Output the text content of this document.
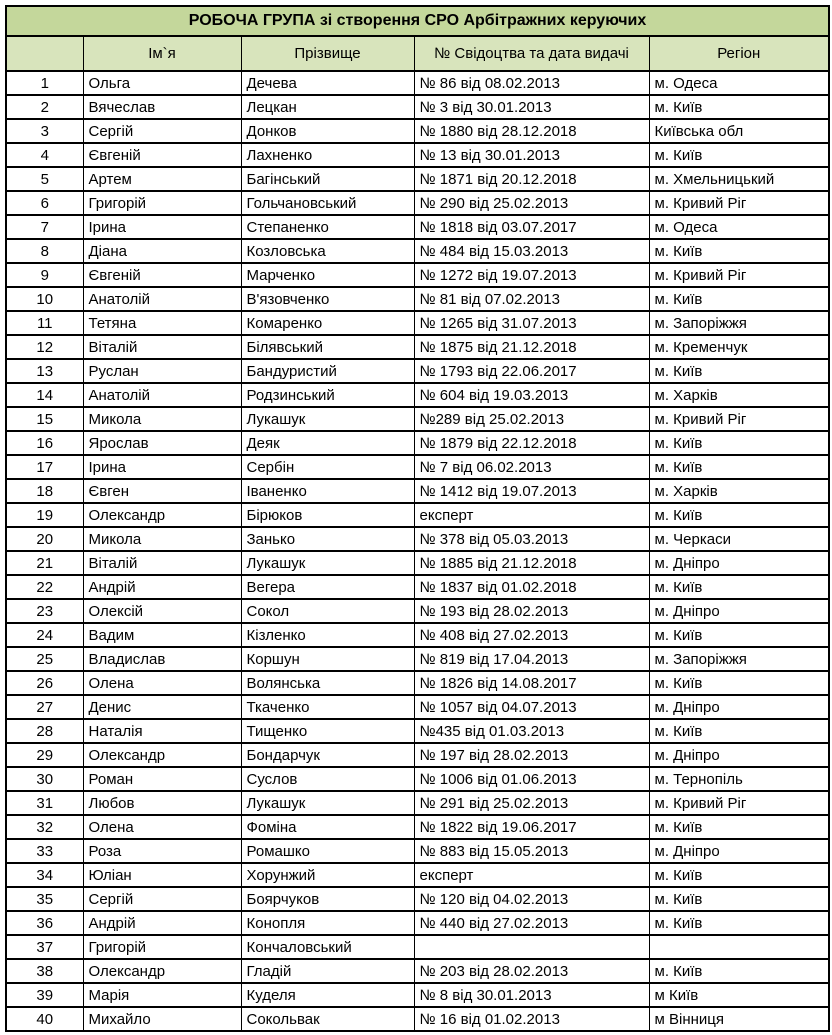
РОБОЧА ГРУПА зі створення СРО Арбітражних керуючих				
	Ім`я	Прізвище	№ Свідоцтва та дата видачі	Регіон
1	Ольга	Дечева	№ 86 від 08.02.2013	м. Одеса
2	Вячеслав	Лецкан	№ 3 від 30.01.2013	м. Київ
3	Сергій	Донков	№ 1880 від 28.12.2018	Київська обл
4	Євгеній	Лахненко	№ 13 від 30.01.2013	м. Київ
5	Артем	Багінський	№ 1871 від 20.12.2018	м. Хмельницький
6	Григорій	Гольчановський	№ 290 від 25.02.2013	м. Кривий Ріг
7	Ірина	Степаненко	№ 1818 від 03.07.2017	м. Одеса
8	Діана	Козловська	№ 484 від 15.03.2013	м. Київ
9	Євгеній	Марченко	№ 1272 від 19.07.2013	м. Кривий Ріг
10	Анатолій	В'язовченко	№ 81 від 07.02.2013	м. Київ
11	Тетяна	Комаренко	№ 1265 від 31.07.2013	м. Запоріжжя
12	Віталій	Білявський	№ 1875 від 21.12.2018	м. Кременчук
13	Руслан	Бандуристий	№ 1793 від 22.06.2017	м. Київ
14	Анатолій	Родзинський	№ 604 від 19.03.2013	м. Харків
15	Микола	Лукашук	№289 від 25.02.2013	м. Кривий Ріг
16	Ярослав	Деяк	№ 1879 від 22.12.2018	м. Київ
17	Ірина	Сербін	№ 7 від 06.02.2013	м. Київ
18	Євген	Іваненко	№ 1412 від 19.07.2013	м. Харків
19	Олександр	Бірюков	експерт	м. Київ
20	Микола	Занько	№ 378 від 05.03.2013	м. Черкаси
21	Віталій	Лукашук	№ 1885 від 21.12.2018	м. Дніпро
22	Андрій	Вегера	№ 1837 від 01.02.2018	м. Київ
23	Олексій	Сокол	№ 193 від 28.02.2013	м. Дніпро
24	Вадим	Кізленко	№ 408 від 27.02.2013	м. Київ
25	Владислав	Коршун	№ 819 від 17.04.2013	м. Запоріжжя
26	Олена	Волянська	№ 1826 від 14.08.2017	м. Київ
27	Денис	Ткаченко	№ 1057 від 04.07.2013	м. Дніпро
28	Наталія	Тищенко	№435 від 01.03.2013	м. Київ
29	Олександр	Бондарчук	№ 197 від 28.02.2013	м. Дніпро
30	Роман	Суслов	№ 1006 від 01.06.2013	м. Тернопіль
31	Любов	Лукашук	№ 291 від 25.02.2013	м. Кривий Ріг
32	Олена	Фоміна	№ 1822 від 19.06.2017	м. Київ
33	Роза	Ромашко	№ 883 від 15.05.2013	м. Дніпро
34	Юліан	Хорунжий	експерт	м. Київ
35	Сергій	Боярчуков	№ 120 від 04.02.2013	м. Київ
36	Андрій	Конопля	№ 440 від 27.02.2013	м. Київ
37	Григорій	Кончаловський		
38	Олександр	Гладій	№ 203 від 28.02.2013	м. Київ
39	Марія	Куделя	№ 8 від 30.01.2013	м Київ
40	Михайло	Сокольвак	№ 16 від 01.02.2013	м Вінниця
